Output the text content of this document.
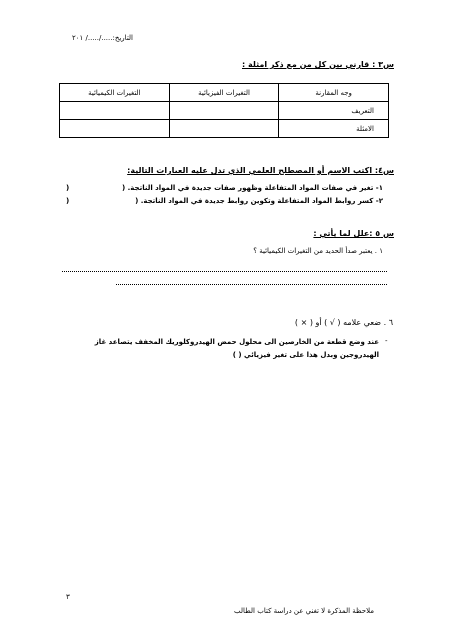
التاريخ:...../...../ ٢٠١
س٣ : قارني بين كل من مع ذكر امثلة :
وجه المقارنة	التغيرات الفيزيائية	التغيرات الكيميائية
التعريف		
الامثلة		
س٤: اكتب الاسم أو المصطلح العلمي الذي تدل عليه العبارات التالية:
١- تغير في صفات المواد المتفاعلة وظهور صفات جديدة في المواد الناتجة. (
)
٢- كسر روابط المواد المتفاعلة وتكوين روابط جديدة في المواد الناتجة. (
)
س ٥ :علل لما يأتي :
١ . يعتبر صدأ الحديد من التغيرات الكيميائية ؟
٦ . ضعي علامه ( √ ) أو ( × )
عند وضع قطعة من الخارصين الى محلول حمض الهيدروكلوريك المخفف يتصاعد غاز -
الهيدروجين وبدل هذا على تغير فيزيائي ( )
٣
ملاحظة المذكرة لا تغني عن دراسة كتاب الطالب
